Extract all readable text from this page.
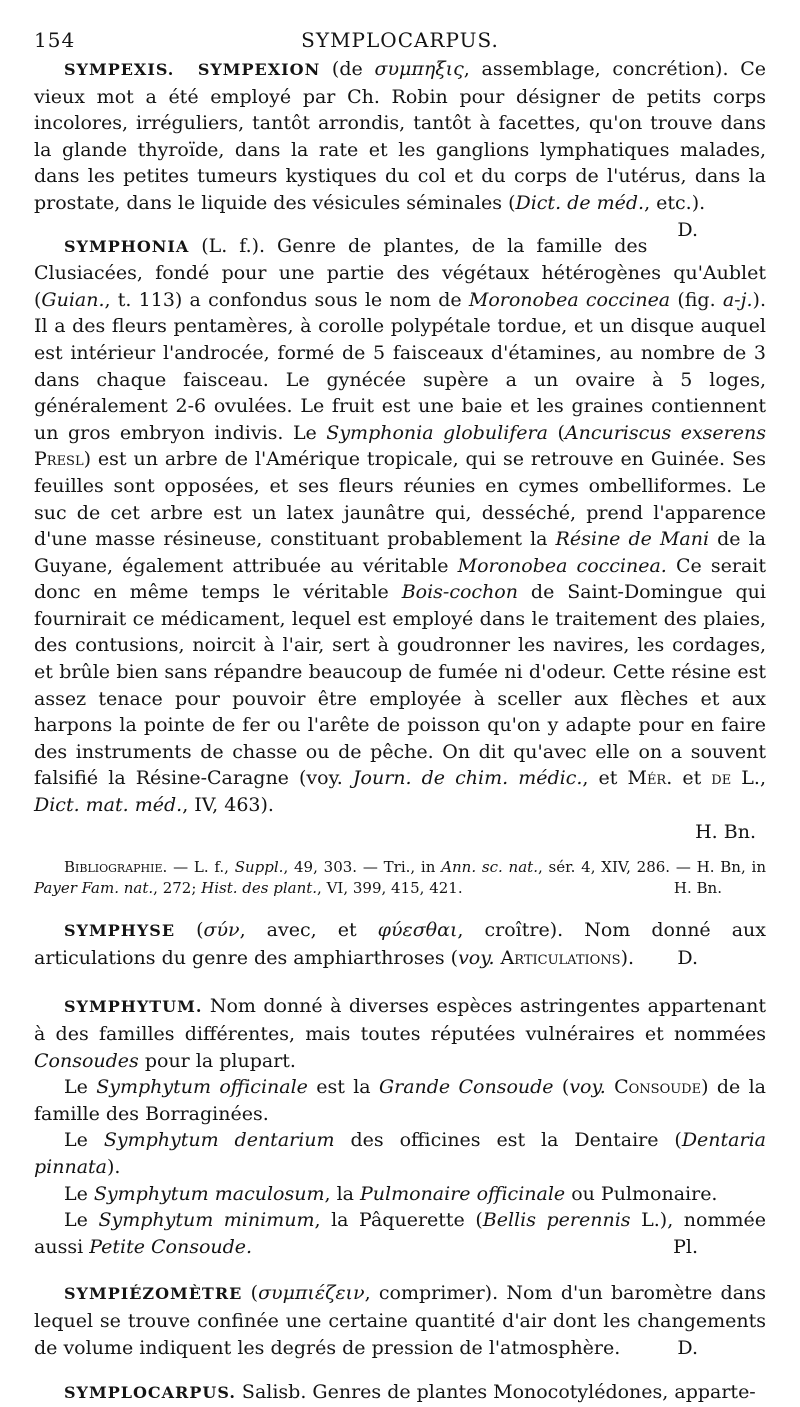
154	SYMPLOCARPUS.

SYMPEXIS. SYMPEXION (de συμπηξις, assemblage, concrétion). Ce vieux mot a été employé par Ch. Robin pour désigner de petits corps incolores, irréguliers, tantôt arrondis, tantôt à facettes, qu'on trouve dans la glande thyroïde, dans la rate et les ganglions lymphatiques malades, dans les petites tumeurs kystiques du col et du corps de l'utérus, dans la prostate, dans le liquide des vésicules séminales (Dict. de méd., etc.).
D.

SYMPHONIA (L. f.). Genre de plantes, de la famille des Clusiacées, fondé pour une partie des végétaux hétérogènes qu'Aublet (Guian., t. 113) a confondus sous le nom de Moronobea coccinea (fig. a-j.). Il a des fleurs pentamères, à corolle polypétale tordue, et un disque auquel est intérieur l'androcée, formé de 5 faisceaux d'étamines, au nombre de 3 dans chaque faisceau. Le gynécée supère a un ovaire à 5 loges, généralement 2-6 ovulées. Le fruit est une baie et les graines contiennent un gros embryon indivis. Le Symphonia globulifera (Ancuriscus exserens Presl) est un arbre de l'Amérique tropicale, qui se retrouve en Guinée. Ses feuilles sont opposées, et ses fleurs réunies en cymes ombelliformes. Le suc de cet arbre est un latex jaunâtre qui, desséché, prend l'apparence d'une masse résineuse, constituant probablement la Résine de Mani de la Guyane, également attribuée au véritable Moronobea coccinea. Ce serait donc en même temps le véritable Bois-cochon de Saint-Domingue qui fournirait ce médicament, lequel est employé dans le traitement des plaies, des contusions, noircit à l'air, sert à goudronner les navires, les cordages, et brûle bien sans répandre beaucoup de fumée ni d'odeur. Cette résine est assez tenace pour pouvoir être employée à sceller aux flèches et aux harpons la pointe de fer ou l'arête de poisson qu'on y adapte pour en faire des instruments de chasse ou de pêche. On dit qu'avec elle on a souvent falsifié la Résine-Caragne (voy. Journ. de chim. médic., et Mér. et de L., Dict. mat. méd., IV, 463).

H. Bn.

Bibliographie. — L. f., Suppl., 49, 303. — Tri., in Ann. sc. nat., sér. 4, XIV, 286. — H. Bn, in Payer Fam. nat., 272; Hist. des plant., VI, 399, 415, 421.	H. Bn.

SYMPHYSE (σύν, avec, et φύεσθαι, croître). Nom donné aux articulations du genre des amphiarthroses (voy. Articulations).	D.

SYMPHYTUM. Nom donné à diverses espèces astringentes appartenant à des familles différentes, mais toutes réputées vulnéraires et nommées Consoudes pour la plupart.

Le Symphytum officinale est la Grande Consoude (voy. Consoude) de la famille des Borraginées.

Le Symphytum dentarium des officines est la Dentaire (Dentaria pinnata).

Le Symphytum maculosum, la Pulmonaire officinale ou Pulmonaire.

Le Symphytum minimum, la Pâquerette (Bellis perennis L.), nommée aussi Petite Consoude.	Pl.

SYMPIÉZOMÈTRE (συμπιέζειν, comprimer). Nom d'un baromètre dans lequel se trouve confinée une certaine quantité d'air dont les changements de volume indiquent les degrés de pression de l'atmosphère.	D.

SYMPLOCARPUS. Salisb. Genres de plantes Monocotylédones, apparte-
